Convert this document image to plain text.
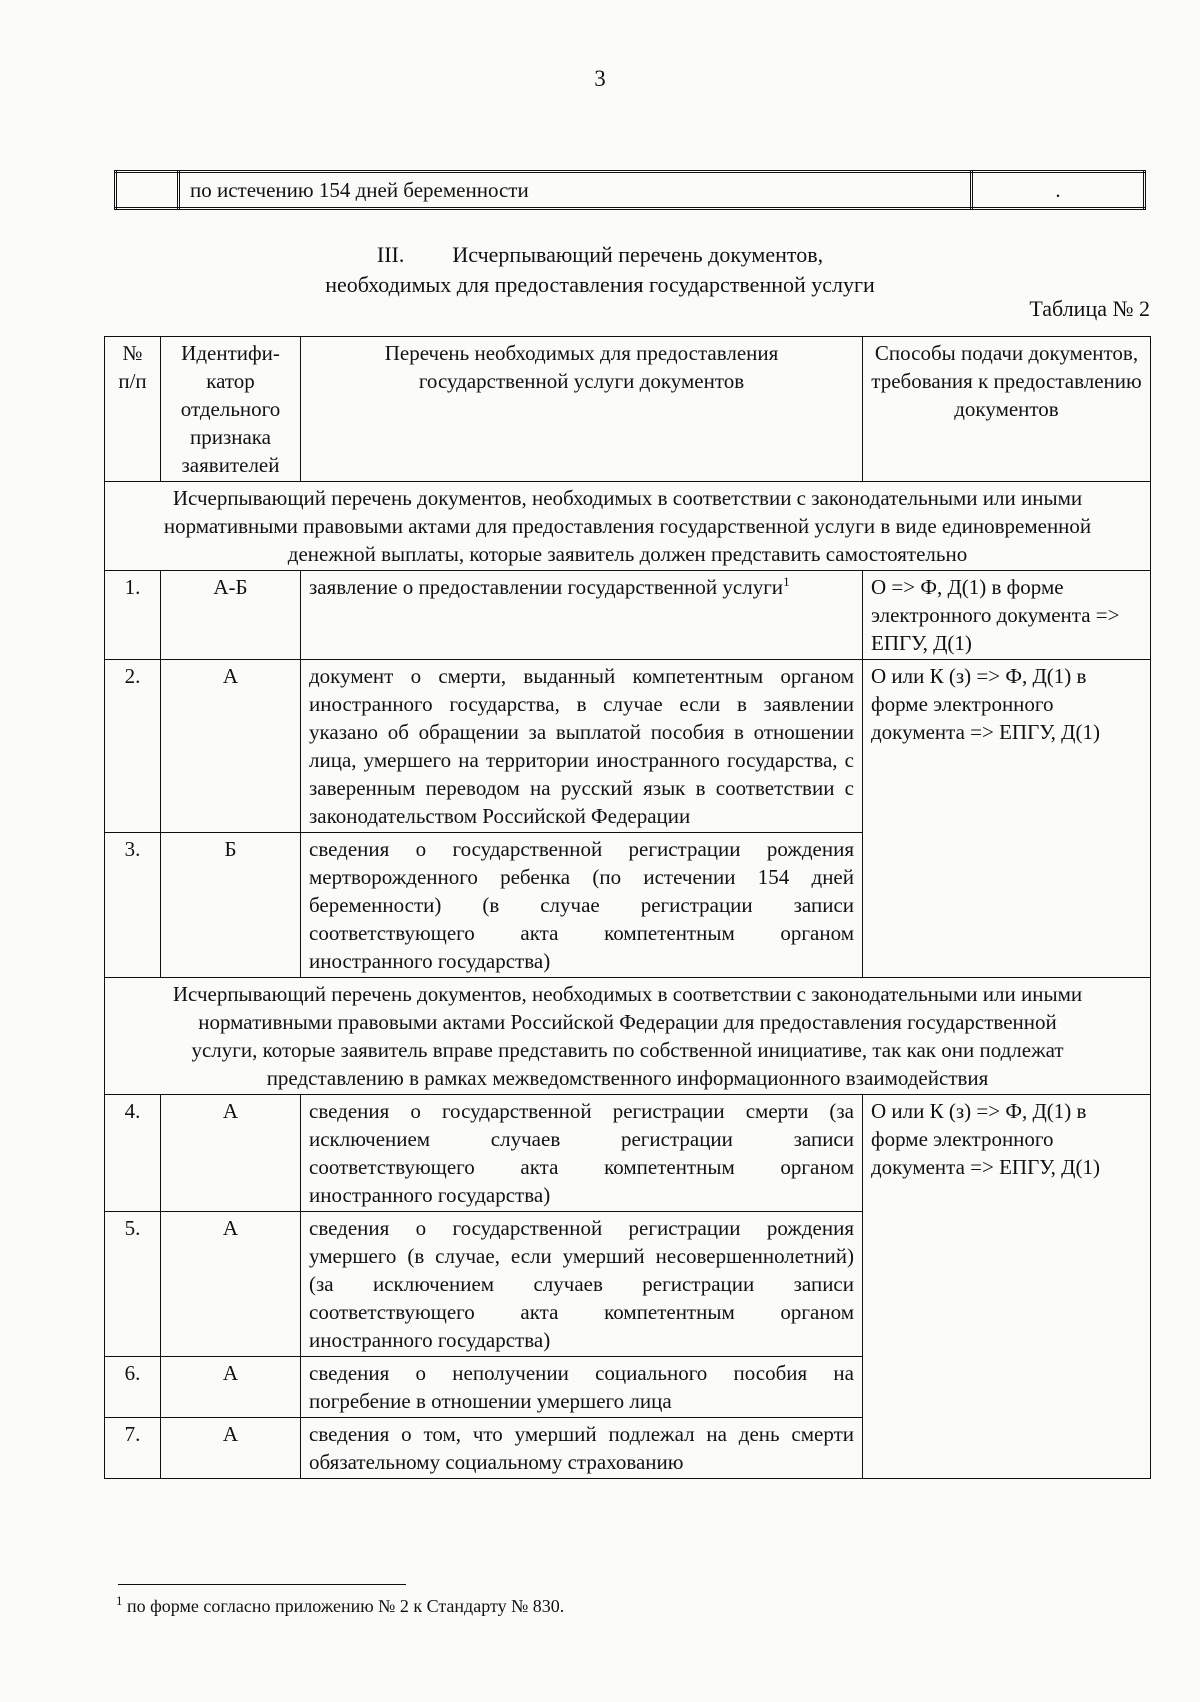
3
	по истечению 154 дней беременности	.
III. Исчерпывающий перечень документов,
необходимых для предоставления государственной услуги
Таблица № 2
№ п/п	Идентифи-катор отдельного признака заявителей	Перечень необходимых для предоставления государственной услуги документов	Способы подачи документов, требования к предоставлению документов
Исчерпывающий перечень документов, необходимых в соответствии с законодательными или иными нормативными правовыми актами для предоставления государственной услуги в виде единовременной денежной выплаты, которые заявитель должен представить самостоятельно			
1.	А-Б	заявление о предоставлении государственной услуги$^1$	О => Ф, Д(1) в форме электронного документа => ЕПГУ, Д(1)
2.	А	документ о смерти, выданный компетентным органом иностранного государства, в случае если в заявлении указано об обращении за выплатой пособия в отношении лица, умершего на территории иностранного государства, с заверенным переводом на русский язык в соответствии с законодательством Российской Федерации	О или К (з) => Ф, Д(1) в форме электронного документа => ЕПГУ, Д(1)
3.	Б	сведения о государственной регистрации рождения мертворожденного ребенка (по истечении 154 дней беременности) (в случае регистрации записи соответствующего акта компетентным органом иностранного государства)	
Исчерпывающий перечень документов, необходимых в соответствии с законодательными или иными нормативными правовыми актами Российской Федерации для предоставления государственной услуги, которые заявитель вправе представить по собственной инициативе, так как они подлежат представлению в рамках межведомственного информационного взаимодействия			
4.	А	сведения о государственной регистрации смерти (за исключением случаев регистрации записи соответствующего акта компетентным органом иностранного государства)	О или К (з) => Ф, Д(1) в форме электронного документа => ЕПГУ, Д(1)
5.	А	сведения о государственной регистрации рождения умершего (в случае, если умерший несовершеннолетний) (за исключением случаев регистрации записи соответствующего акта компетентным органом иностранного государства)	
6.	А	сведения о неполучении социального пособия на погребение в отношении умершего лица	
7.	А	сведения о том, что умерший подлежал на день смерти обязательному социальному страхованию	
$^1$ по форме согласно приложению № 2 к Стандарту № 830.
